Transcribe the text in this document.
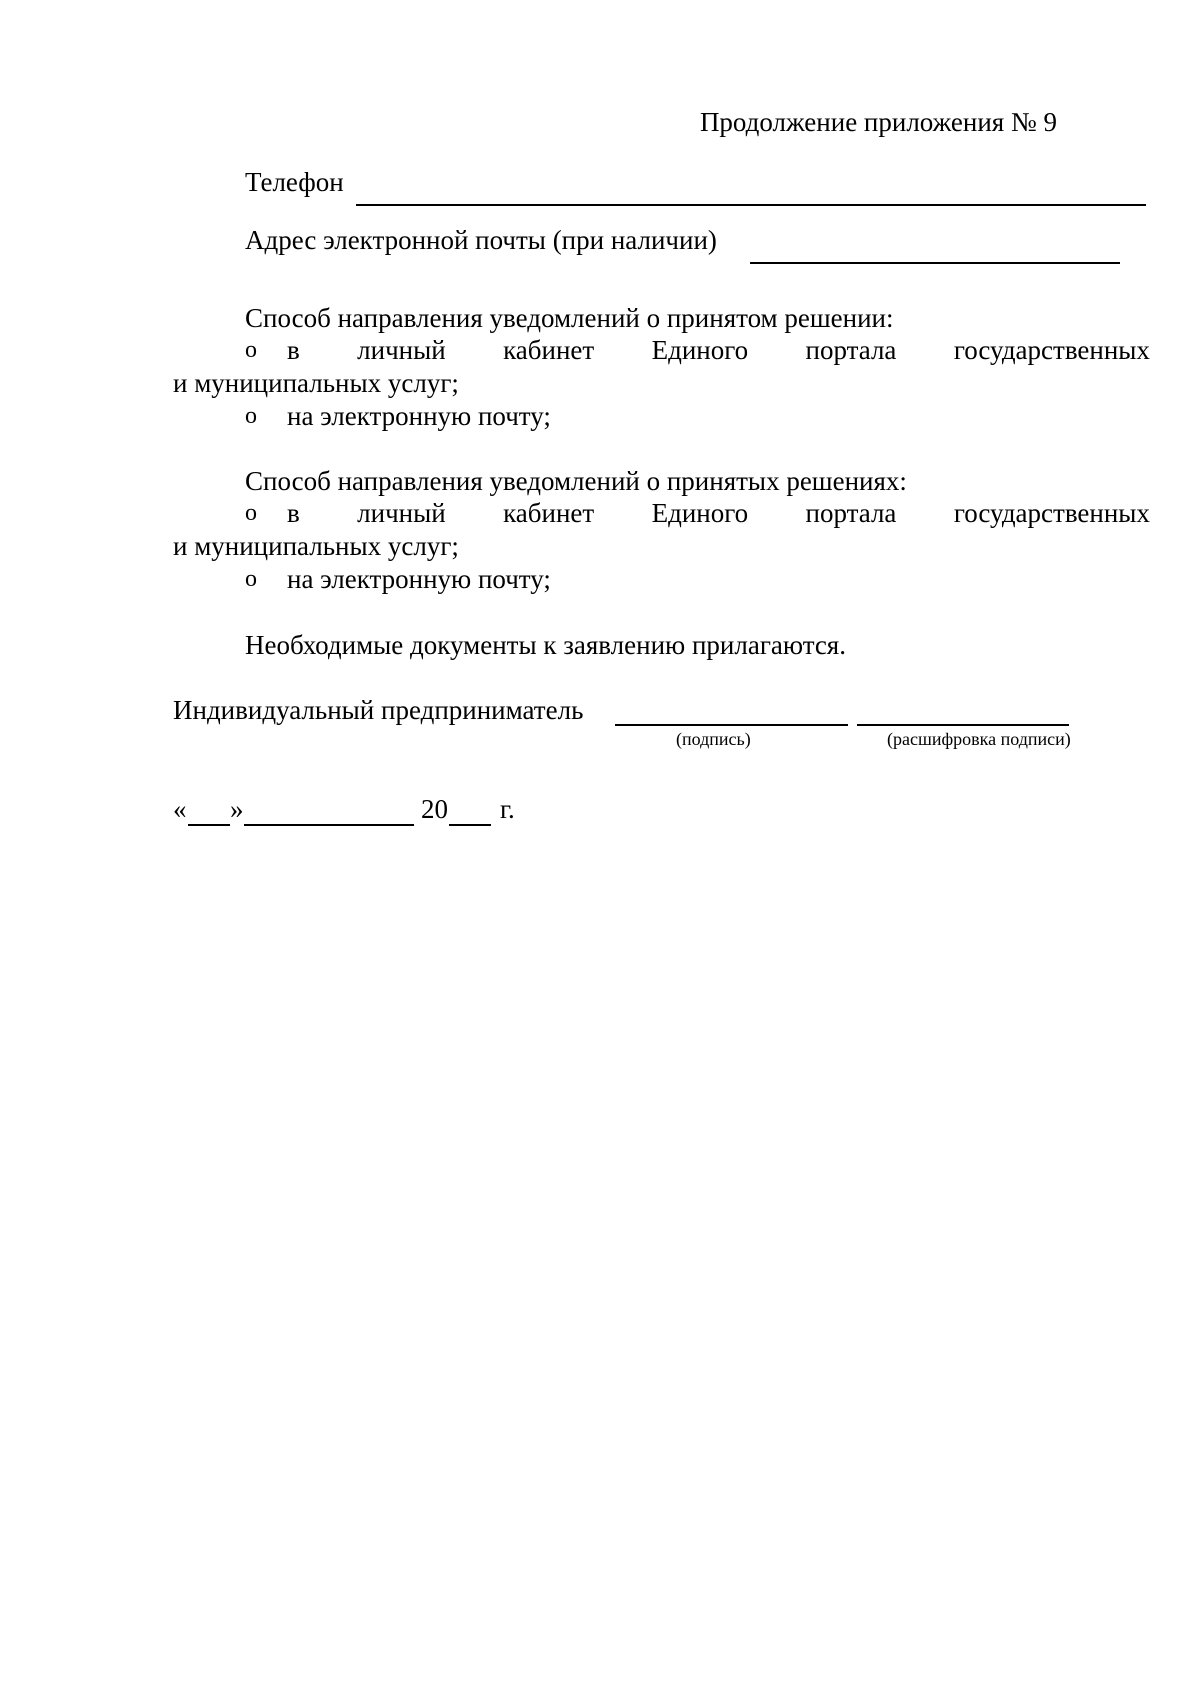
Продолжение приложения № 9
Телефон
Адрес электронной почты (при наличии)
Способ направления уведомлений о принятом решении:
o в личный кабинет Единого портала государственных
и муниципальных услуг;
o на электронную почту;
Способ направления уведомлений о принятых решениях:
o в личный кабинет Единого портала государственных
и муниципальных услуг;
o на электронную почту;
Необходимые документы к заявлению прилагаются.
Индивидуальный предприниматель
(подпись)	(расшифровка подписи)
« »	20 г.
